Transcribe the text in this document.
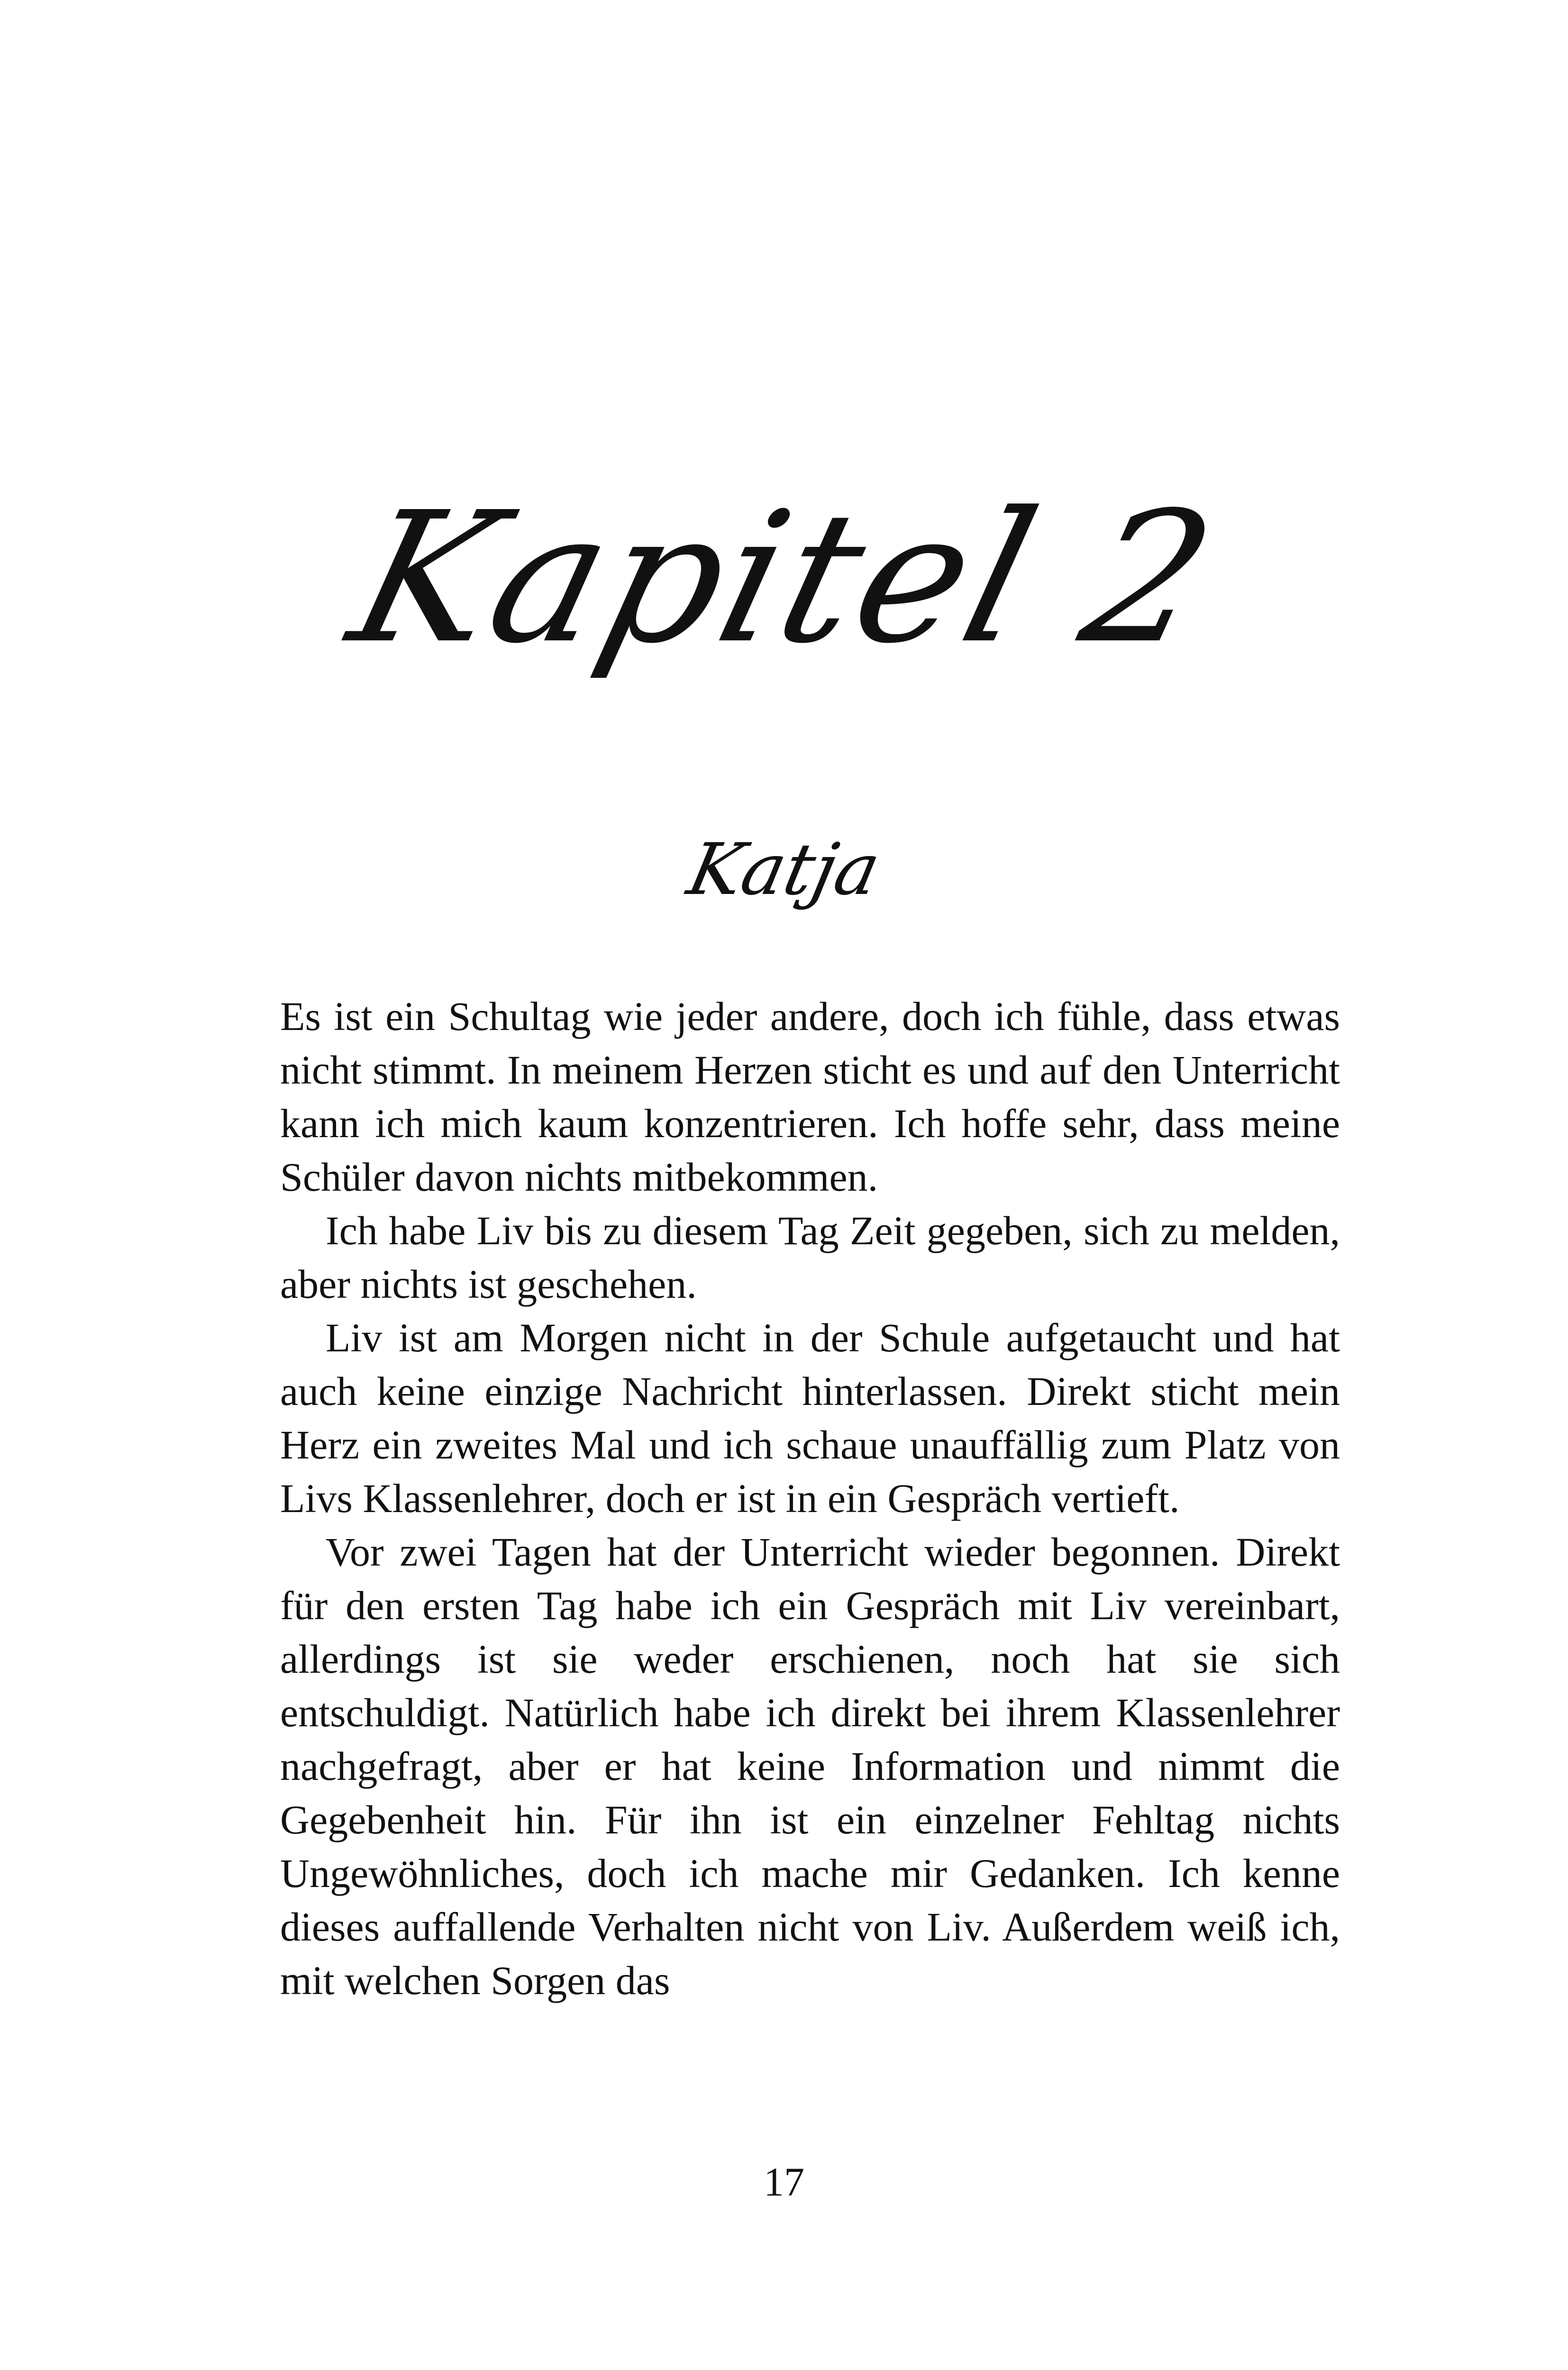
Kapitel 2
Katja

Es ist ein Schultag wie jeder andere, doch ich fühle, dass etwas nicht stimmt. In meinem Herzen sticht es und auf den Unterricht kann ich mich kaum konzentrieren. Ich hoffe sehr, dass meine Schüler davon nichts mitbekommen.

Ich habe Liv bis zu diesem Tag Zeit gegeben, sich zu melden, aber nichts ist geschehen.

Liv ist am Morgen nicht in der Schule aufgetaucht und hat auch keine einzige Nachricht hinterlassen. Direkt sticht mein Herz ein zweites Mal und ich schaue unauffällig zum Platz von Livs Klassenlehrer, doch er ist in ein Gespräch vertieft.

Vor zwei Tagen hat der Unterricht wieder begonnen. Direkt für den ersten Tag habe ich ein Gespräch mit Liv vereinbart, allerdings ist sie weder erschienen, noch hat sie sich entschuldigt. Natürlich habe ich direkt bei ihrem Klassenlehrer nachgefragt, aber er hat keine Information und nimmt die Gegebenheit hin. Für ihn ist ein einzelner Fehltag nichts Ungewöhnliches, doch ich mache mir Gedanken. Ich kenne dieses auffallende Verhalten nicht von Liv. Außerdem weiß ich, mit welchen Sorgen das

17
